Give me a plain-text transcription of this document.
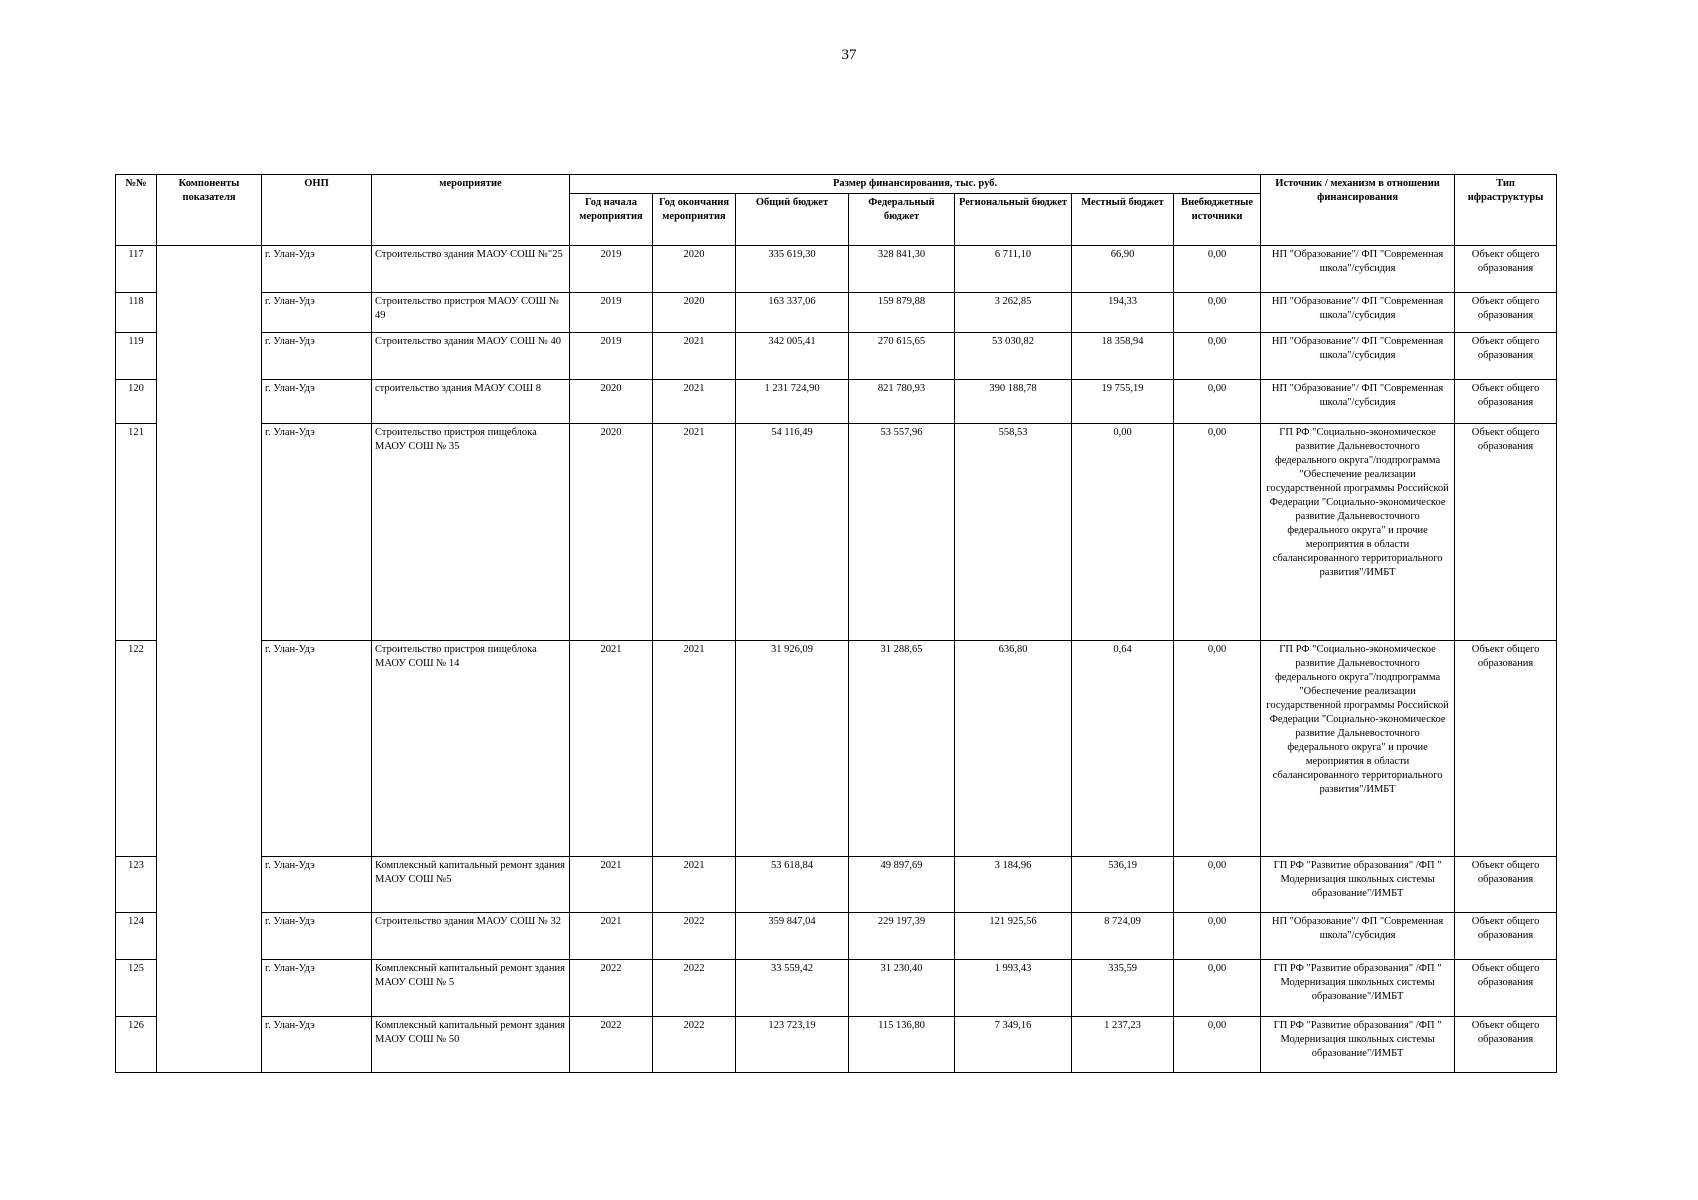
37
№№	Компоненты показателя	ОНП	мероприятие	Размер финансирования, тыс. руб.							Источник / механизм в отношении финансирования	Тип ифраструктуры
				Год начала мероприятия	Год окончания мероприятия	Общий бюджет	Федеральный бюджет	Региональный бюджет	Местный бюджет	Внебюджетные источники		
117		г. Улан-Удэ	Строительство здания МАОУ СОШ №"25	2019	2020	335 619,30	328 841,30	6 711,10	66,90	0,00	НП "Образование"/ ФП "Современная школа"/субсидия	Объект общего образования
118		г. Улан-Удэ	Строительство пристроя МАОУ СОШ № 49	2019	2020	163 337,06	159 879,88	3 262,85	194,33	0,00	НП "Образование"/ ФП "Современная школа"/субсидия	Объект общего образования
119		г. Улан-Удэ	Строительство здания МАОУ СОШ № 40	2019	2021	342 005,41	270 615,65	53 030,82	18 358,94	0,00	НП "Образование"/ ФП "Современная школа"/субсидия	Объект общего образования
120		г. Улан-Удэ	строительство здания МАОУ СОШ 8	2020	2021	1 231 724,90	821 780,93	390 188,78	19 755,19	0,00	НП "Образование"/ ФП "Современная школа"/субсидия	Объект общего образования
121		г. Улан-Удэ	Строительство пристроя пищеблока МАОУ СОШ № 35	2020	2021	54 116,49	53 557,96	558,53	0,00	0,00	ГП РФ "Социально-экономическое развитие Дальневосточного федерального округа"/подпрограмма "Обеспечение реализации государственной программы Российской Федерации "Социально-экономическое развитие Дальневосточного федерального округа" и прочие мероприятия в области сбалансированного территориального развития"/ИМБТ	Объект общего образования
122		г. Улан-Удэ	Строительство пристроя пищеблока МАОУ СОШ № 14	2021	2021	31 926,09	31 288,65	636,80	0,64	0,00	ГП РФ "Социально-экономическое развитие Дальневосточного федерального округа"/подпрограмма "Обеспечение реализации государственной программы Российской Федерации "Социально-экономическое развитие Дальневосточного федерального округа" и прочие мероприятия в области сбалансированного территориального развития"/ИМБТ	Объект общего образования
123		г. Улан-Удэ	Комплексный капитальный ремонт здания МАОУ СОШ №5	2021	2021	53 618,84	49 897,69	3 184,96	536,19	0,00	ГП РФ "Развитие образования" /ФП " Модернизация школьных системы образование"/ИМБТ	Объект общего образования
124		г. Улан-Удэ	Строительство здания МАОУ СОШ № 32	2021	2022	359 847,04	229 197,39	121 925,56	8 724,09	0,00	НП "Образование"/ ФП "Современная школа"/субсидия	Объект общего образования
125		г. Улан-Удэ	Комплексный капитальный ремонт здания МАОУ СОШ № 5	2022	2022	33 559,42	31 230,40	1 993,43	335,59	0,00	ГП РФ "Развитие образования" /ФП " Модернизация школьных системы образование"/ИМБТ	Объект общего образования
126		г. Улан-Удэ	Комплексный капитальный ремонт здания МАОУ СОШ № 50	2022	2022	123 723,19	115 136,80	7 349,16	1 237,23	0,00	ГП РФ "Развитие образования" /ФП " Модернизация школьных системы образование"/ИМБТ	Объект общего образования
